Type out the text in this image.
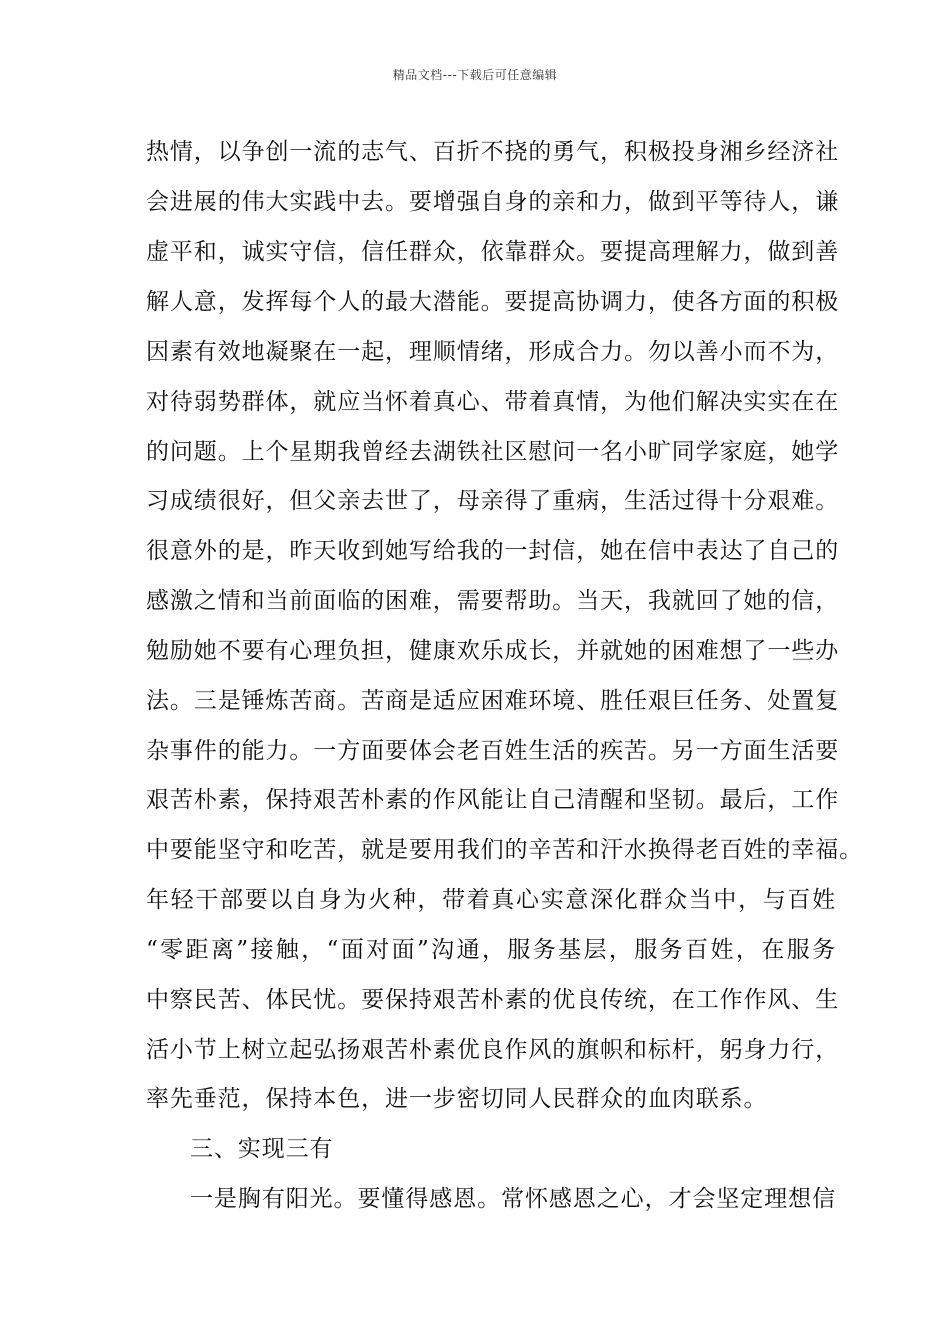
精品文档---下载后可任意编辑
热情，以争创一流的志气、百折不挠的勇气，积极投身湘乡经济社
会进展的伟大实践中去。要增强自身的亲和力，做到平等待人，谦
虚平和，诚实守信，信任群众，依靠群众。要提高理解力，做到善
解人意，发挥每个人的最大潜能。要提高协调力，使各方面的积极
因素有效地凝聚在一起，理顺情绪，形成合力。勿以善小而不为，
对待弱势群体，就应当怀着真心、带着真情，为他们解决实实在在
的问题。上个星期我曾经去湖铁社区慰问一名小旷同学家庭，她学
习成绩很好，但父亲去世了，母亲得了重病，生活过得十分艰难。
很意外的是，昨天收到她写给我的一封信，她在信中表达了自己的
感激之情和当前面临的困难，需要帮助。当天，我就回了她的信，
勉励她不要有心理负担，健康欢乐成长，并就她的困难想了一些办
法。三是锤炼苦商。苦商是适应困难环境、胜任艰巨任务、处置复
杂事件的能力。一方面要体会老百姓生活的疾苦。另一方面生活要
艰苦朴素，保持艰苦朴素的作风能让自己清醒和坚韧。最后，工作
中要能坚守和吃苦，就是要用我们的辛苦和汗水换得老百姓的幸福。
年轻干部要以自身为火种，带着真心实意深化群众当中，与百姓
“零距离”接触，“面对面”沟通，服务基层，服务百姓，在服务
中察民苦、体民忧。要保持艰苦朴素的优良传统，在工作作风、生
活小节上树立起弘扬艰苦朴素优良作风的旗帜和标杆，躬身力行，
率先垂范，保持本色，进一步密切同人民群众的血肉联系。
三、实现三有
一是胸有阳光。要懂得感恩。常怀感恩之心，才会坚定理想信
